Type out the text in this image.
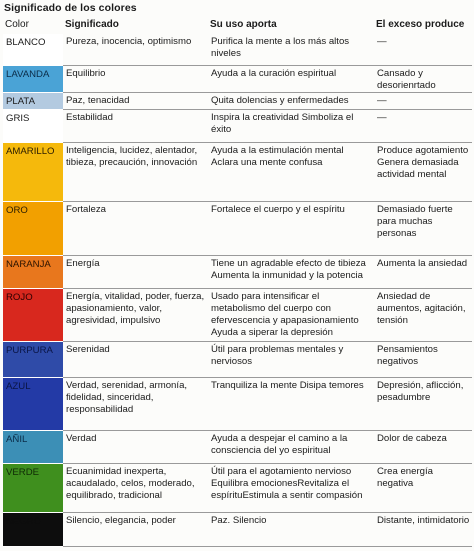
Significado de los colores
Color	Significado	Su uso aporta	El exceso produce
BLANCO	Pureza, inocencia, optimismo	Purifica la mente a los más altos niveles	—
LAVANDA	Equilibrio	Ayuda a la curación espiritual	Cansado y desorienrtado
PLATA	Paz, tenacidad	Quita dolencias y enfermedades	—
GRIS	Estabilidad	Inspira la creatividad Simboliza el éxito	—
AMARILLO	Inteligencia, lucidez, alentador, tibieza, precaución, innovación	Ayuda a la estimulación mental Aclara una mente confusa	Produce agotamiento Genera demasiada actividad mental
ORO	Fortaleza	Fortalece el cuerpo y el espíritu	Demasiado fuerte para muchas personas
NARANJA	Energía	Tiene un agradable efecto de tibieza Aumenta la inmunidad y la potencia	Aumenta la ansiedad
ROJO	Energía, vitalidad, poder, fuerza, apasionamiento, valor, agresividad, impulsivo	Usado para intensificar el metabolismo del cuerpo con efervescencia y apapasionamiento Ayuda a siperar la depresión	Ansiedad de aumentos, agitación, tensión
PURPURA	Serenidad	Útil para problemas mentales y nerviosos	Pensamientos negativos
AZUL	Verdad, serenidad, armonía, fidelidad, sinceridad, responsabilidad	Tranquiliza la mente Disipa temores	Depresión, aflicción, pesadumbre
AÑIL	Verdad	Ayuda a despejar el camino a la consciencia del yo espiritual	Dolor de cabeza
VERDE	Ecuanimidad inexperta, acaudalado, celos, moderado, equilibrado, tradicional	Útil para el agotamiento nervioso Equilibra emocionesRevitaliza el espírituEstimula a sentir compasión	Crea energía negativa
NEGRO	Silencio, elegancia, poder	Paz. Silencio	Distante, intimidatorio
